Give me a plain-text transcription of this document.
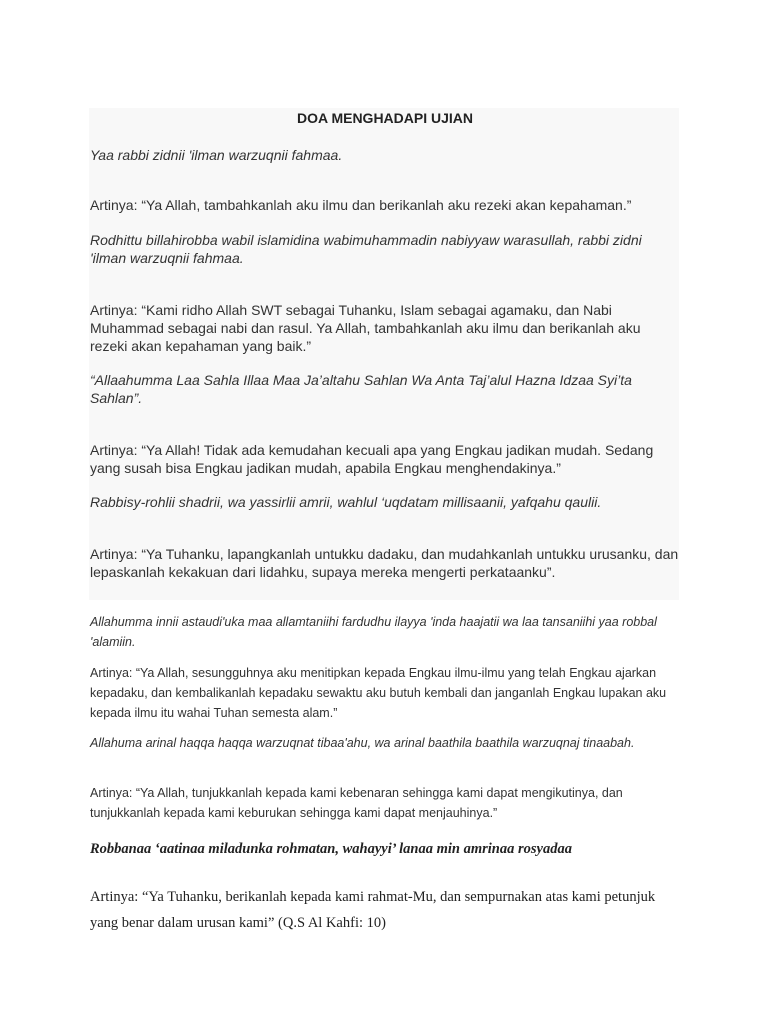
DOA MENGHADAPI UJIAN

Yaa rabbi zidnii 'ilman warzuqnii fahmaa.

Artinya: “Ya Allah, tambahkanlah aku ilmu dan berikanlah aku rezeki akan kepahaman.”

Rodhittu billahirobba wabil islamidina wabimuhammadin nabiyyaw warasullah, rabbi zidni 'ilman warzuqnii fahmaa.

Artinya: “Kami ridho Allah SWT sebagai Tuhanku, Islam sebagai agamaku, dan Nabi Muhammad sebagai nabi dan rasul. Ya Allah, tambahkanlah aku ilmu dan berikanlah aku rezeki akan kepahaman yang baik.”

“Allaahumma Laa Sahla Illaa Maa Ja’altahu Sahlan Wa Anta Taj’alul Hazna Idzaa Syi’ta Sahlan”.

Artinya: “Ya Allah! Tidak ada kemudahan kecuali apa yang Engkau jadikan mudah. Sedang yang susah bisa Engkau jadikan mudah, apabila Engkau menghendakinya.”

Rabbisy-rohlii shadrii, wa yassirlii amrii, wahlul ‘uqdatam millisaanii, yafqahu qaulii.

Artinya: “Ya Tuhanku, lapangkanlah untukku dadaku, dan mudahkanlah untukku urusanku, dan lepaskanlah kekakuan dari lidahku, supaya mereka mengerti perkataanku”.

Allahumma innii astaudi'uka maa allamtaniihi fardudhu ilayya 'inda haajatii wa laa tansaniihi yaa robbal 'alamiin.

Artinya: “Ya Allah, sesungguhnya aku menitipkan kepada Engkau ilmu-ilmu yang telah Engkau ajarkan kepadaku, dan kembalikanlah kepadaku sewaktu aku butuh kembali dan janganlah Engkau lupakan aku kepada ilmu itu wahai Tuhan semesta alam.”

Allahuma arinal haqqa haqqa warzuqnat tibaa'ahu, wa arinal baathila baathila warzuqnaj tinaabah.

Artinya: “Ya Allah, tunjukkanlah kepada kami kebenaran sehingga kami dapat mengikutinya, dan tunjukkanlah kepada kami keburukan sehingga kami dapat menjauhinya.”

Robbanaa ‘aatinaa miladunka rohmatan, wahayyi’ lanaa min amrinaa rosyadaa

Artinya: “Ya Tuhanku, berikanlah kepada kami rahmat-Mu, dan sempurnakan atas kami petunjuk yang benar dalam urusan kami” (Q.S Al Kahfi: 10)
